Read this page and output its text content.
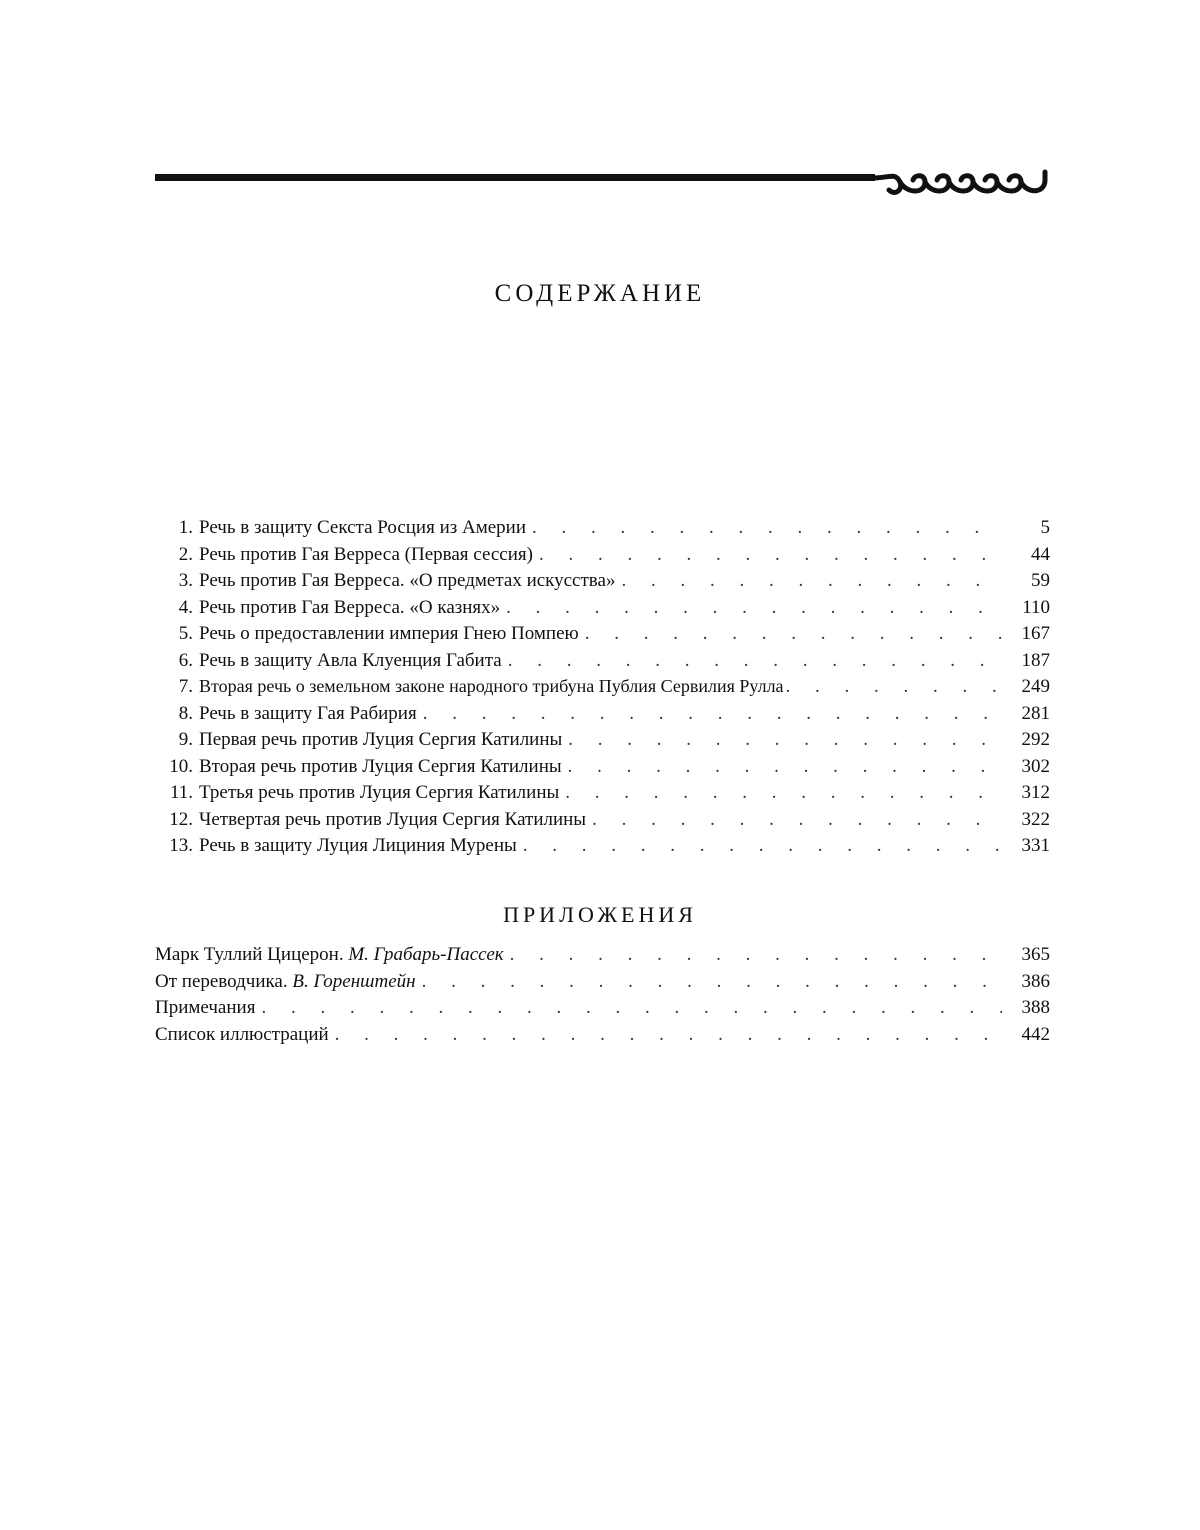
СОДЕРЖАНИЕ
1. Речь в защиту Секста Росция из Америи . . .	5
2. Речь против Гая Верреса (Первая сессия) . . .	44
3. Речь против Гая Верреса. «О предметах искусства» . . .	59
4. Речь против Гая Верреса. «О казнях» . . .	110
5. Речь о предоставлении империя Гнею Помпею . . .	167
6. Речь в защиту Авла Клуенция Габита . . .	187
7. Вторая речь о земельном законе народного трибуна Публия Сервилия Рулла . . .	249
8. Речь в защиту Гая Рабирия . . .	281
9. Первая речь против Луция Сергия Катилины . . .	292
10. Вторая речь против Луция Сергия Катилины . . .	302
11. Третья речь против Луция Сергия Катилины . . .	312
12. Четвертая речь против Луция Сергия Катилины . . .	322
13. Речь в защиту Луция Лициния Мурены . . .	331
ПРИЛОЖЕНИЯ
Марк Туллий Цицерон. М. Грабарь-Пассек . . .	365
От переводчика. В. Горенштейн . . .	386
Примечания . . .	388
Список иллюстраций . . .	442
